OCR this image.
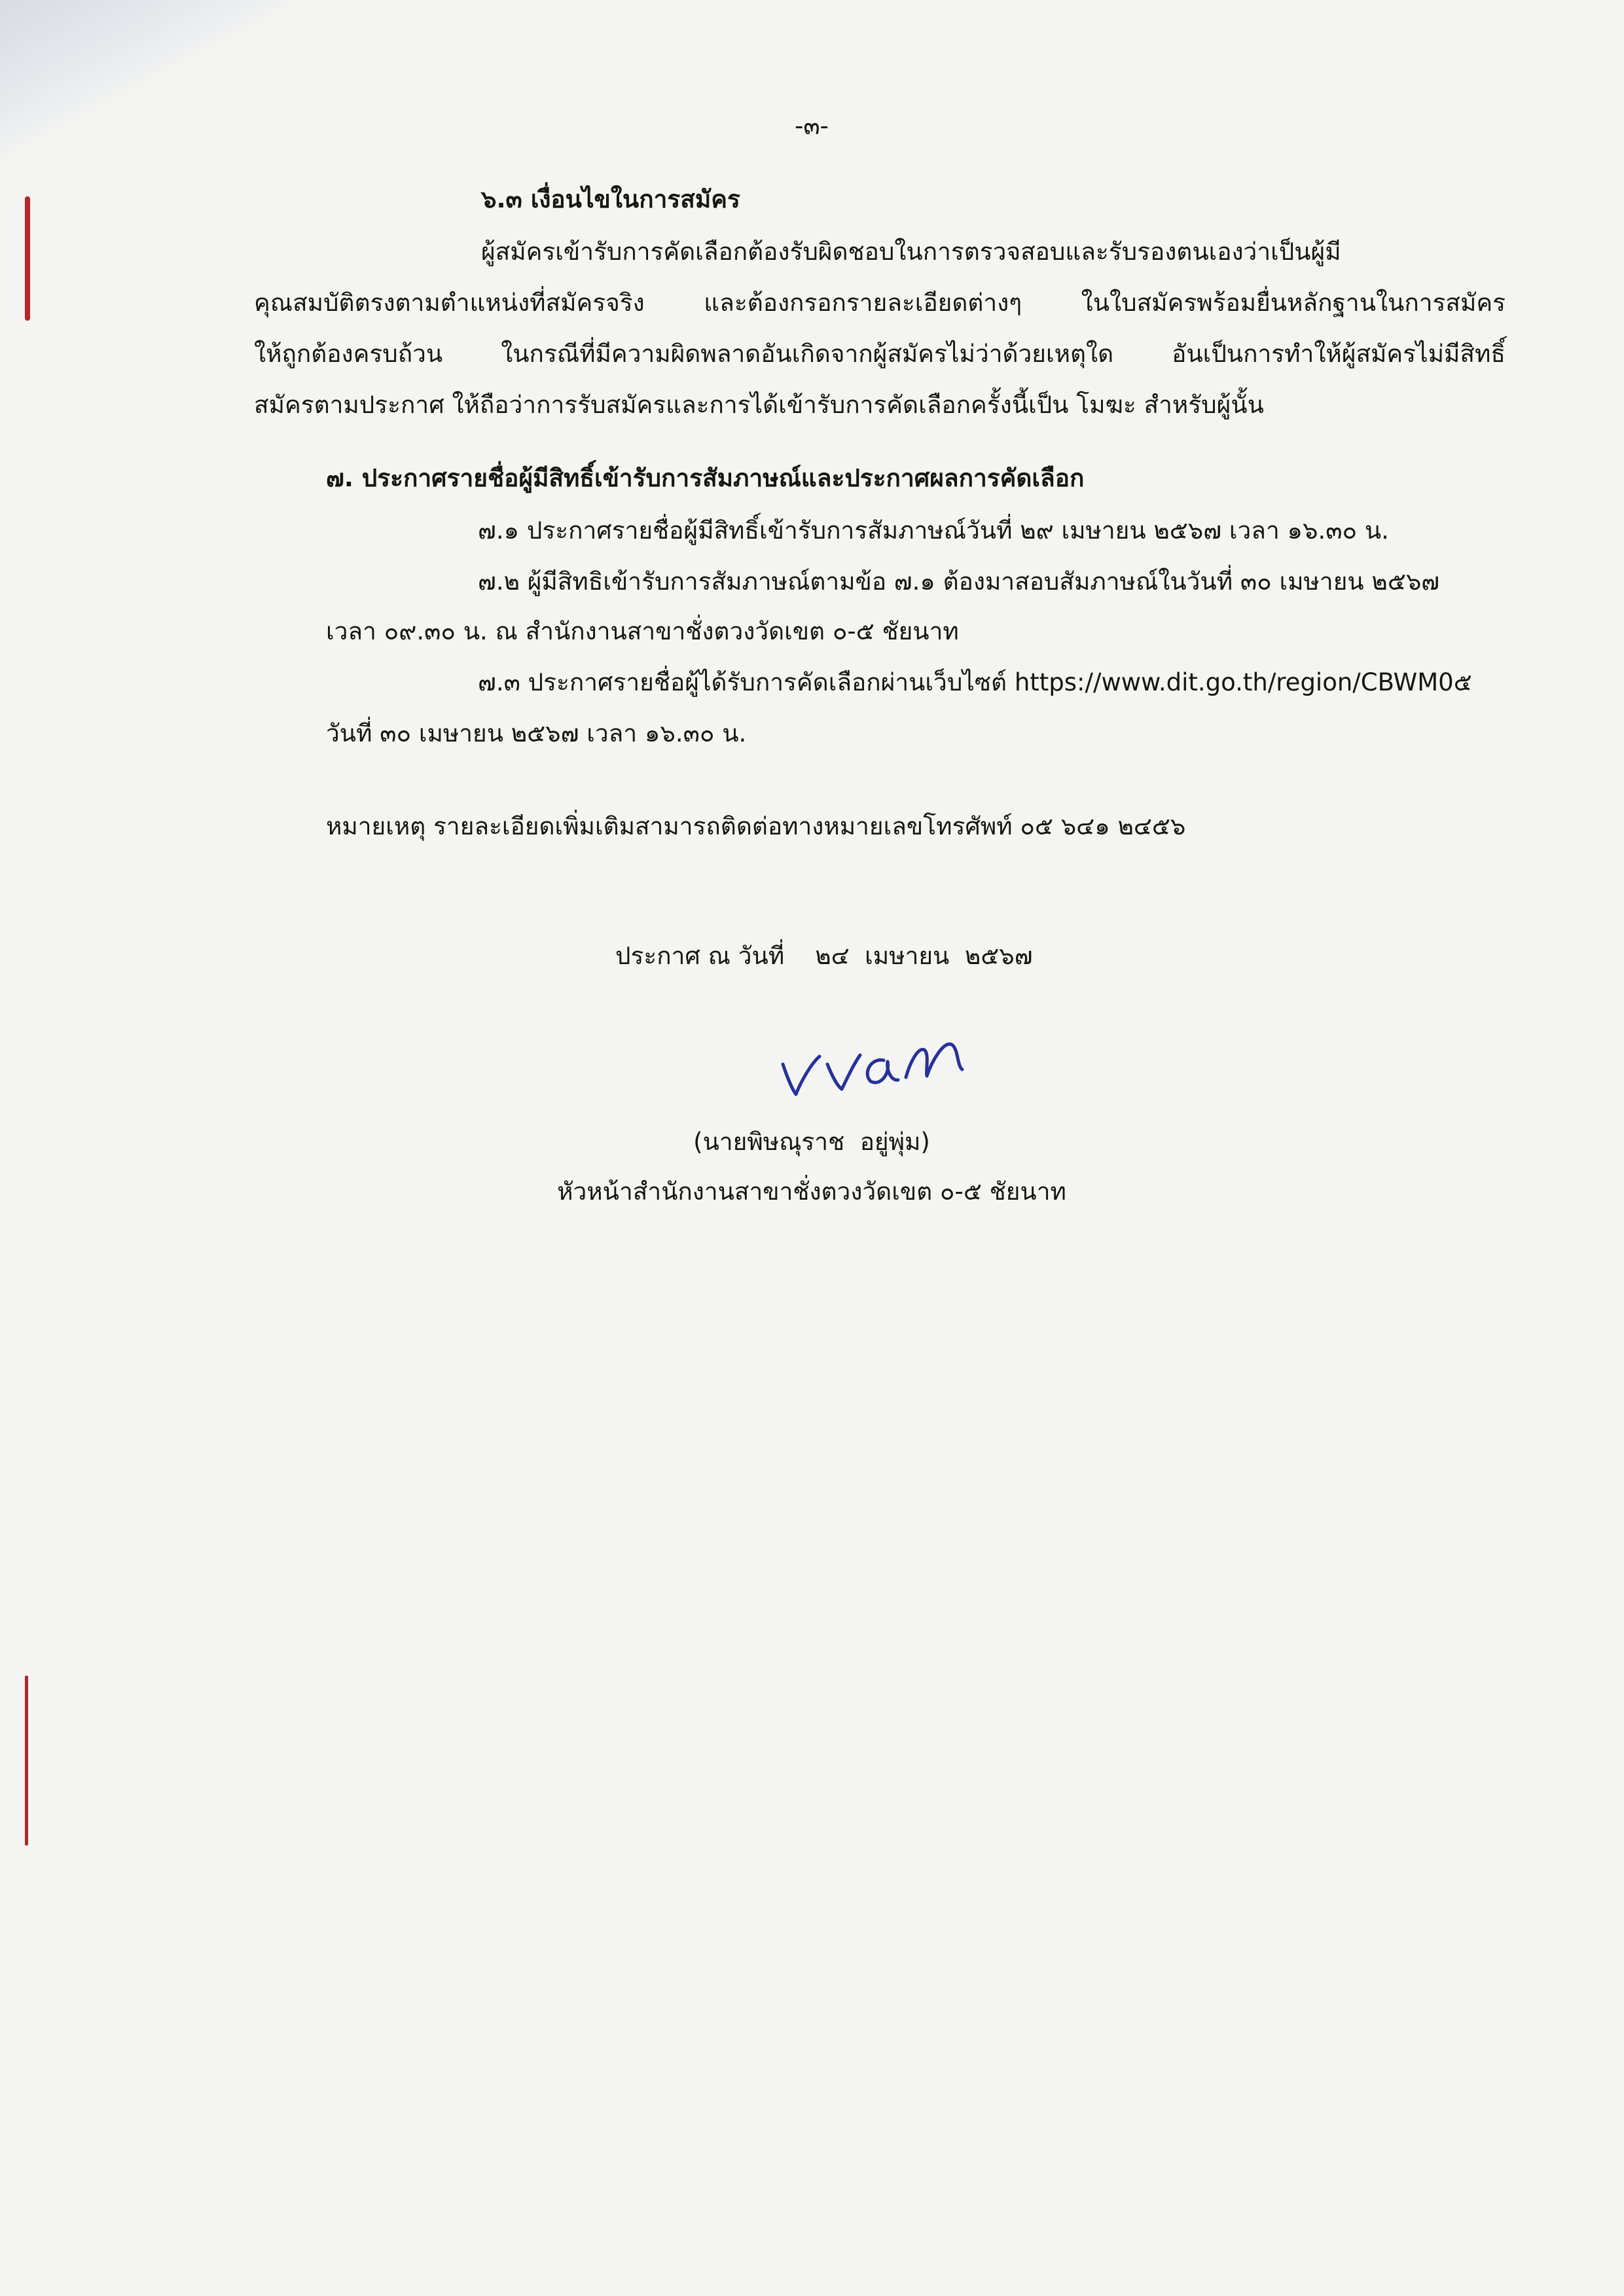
-๓-
๖.๓ เงื่อนไขในการสมัคร
ผู้สมัครเข้ารับการคัดเลือกต้องรับผิดชอบในการตรวจสอบและรับรองตนเองว่าเป็นผู้มี
คุณสมบัติตรงตามตำแหน่งที่สมัครจริง และต้องกรอกรายละเอียดต่างๆ ในใบสมัครพร้อมยื่นหลักฐานในการสมัคร
ให้ถูกต้องครบถ้วน ในกรณีที่มีความผิดพลาดอันเกิดจากผู้สมัครไม่ว่าด้วยเหตุใด อันเป็นการทำให้ผู้สมัครไม่มีสิทธิ์
สมัครตามประกาศ ให้ถือว่าการรับสมัครและการได้เข้ารับการคัดเลือกครั้งนี้เป็น โมฆะ สำหรับผู้นั้น
๗. ประกาศรายชื่อผู้มีสิทธิ์เข้ารับการสัมภาษณ์และประกาศผลการคัดเลือก
๗.๑ ประกาศรายชื่อผู้มีสิทธิ์เข้ารับการสัมภาษณ์วันที่ ๒๙ เมษายน ๒๕๖๗ เวลา ๑๖.๓๐ น.
๗.๒ ผู้มีสิทธิเข้ารับการสัมภาษณ์ตามข้อ ๗.๑ ต้องมาสอบสัมภาษณ์ในวันที่ ๓๐ เมษายน ๒๕๖๗
เวลา ๐๙.๓๐ น. ณ สำนักงานสาขาชั่งตวงวัดเขต ๐-๕ ชัยนาท
๗.๓ ประกาศรายชื่อผู้ได้รับการคัดเลือกผ่านเว็บไซต์ https://www.dit.go.th/region/CBWM0๕
วันที่ ๓๐ เมษายน ๒๕๖๗ เวลา ๑๖.๓๐ น.
หมายเหตุ รายละเอียดเพิ่มเติมสามารถติดต่อทางหมายเลขโทรศัพท์ ๐๕ ๖๔๑ ๒๔๕๖
ประกาศ ณ วันที่    ๒๔  เมษายน  ๒๕๖๗
(นายพิษณุราช  อยู่พุ่ม)
หัวหน้าสำนักงานสาขาชั่งตวงวัดเขต ๐-๕ ชัยนาท
